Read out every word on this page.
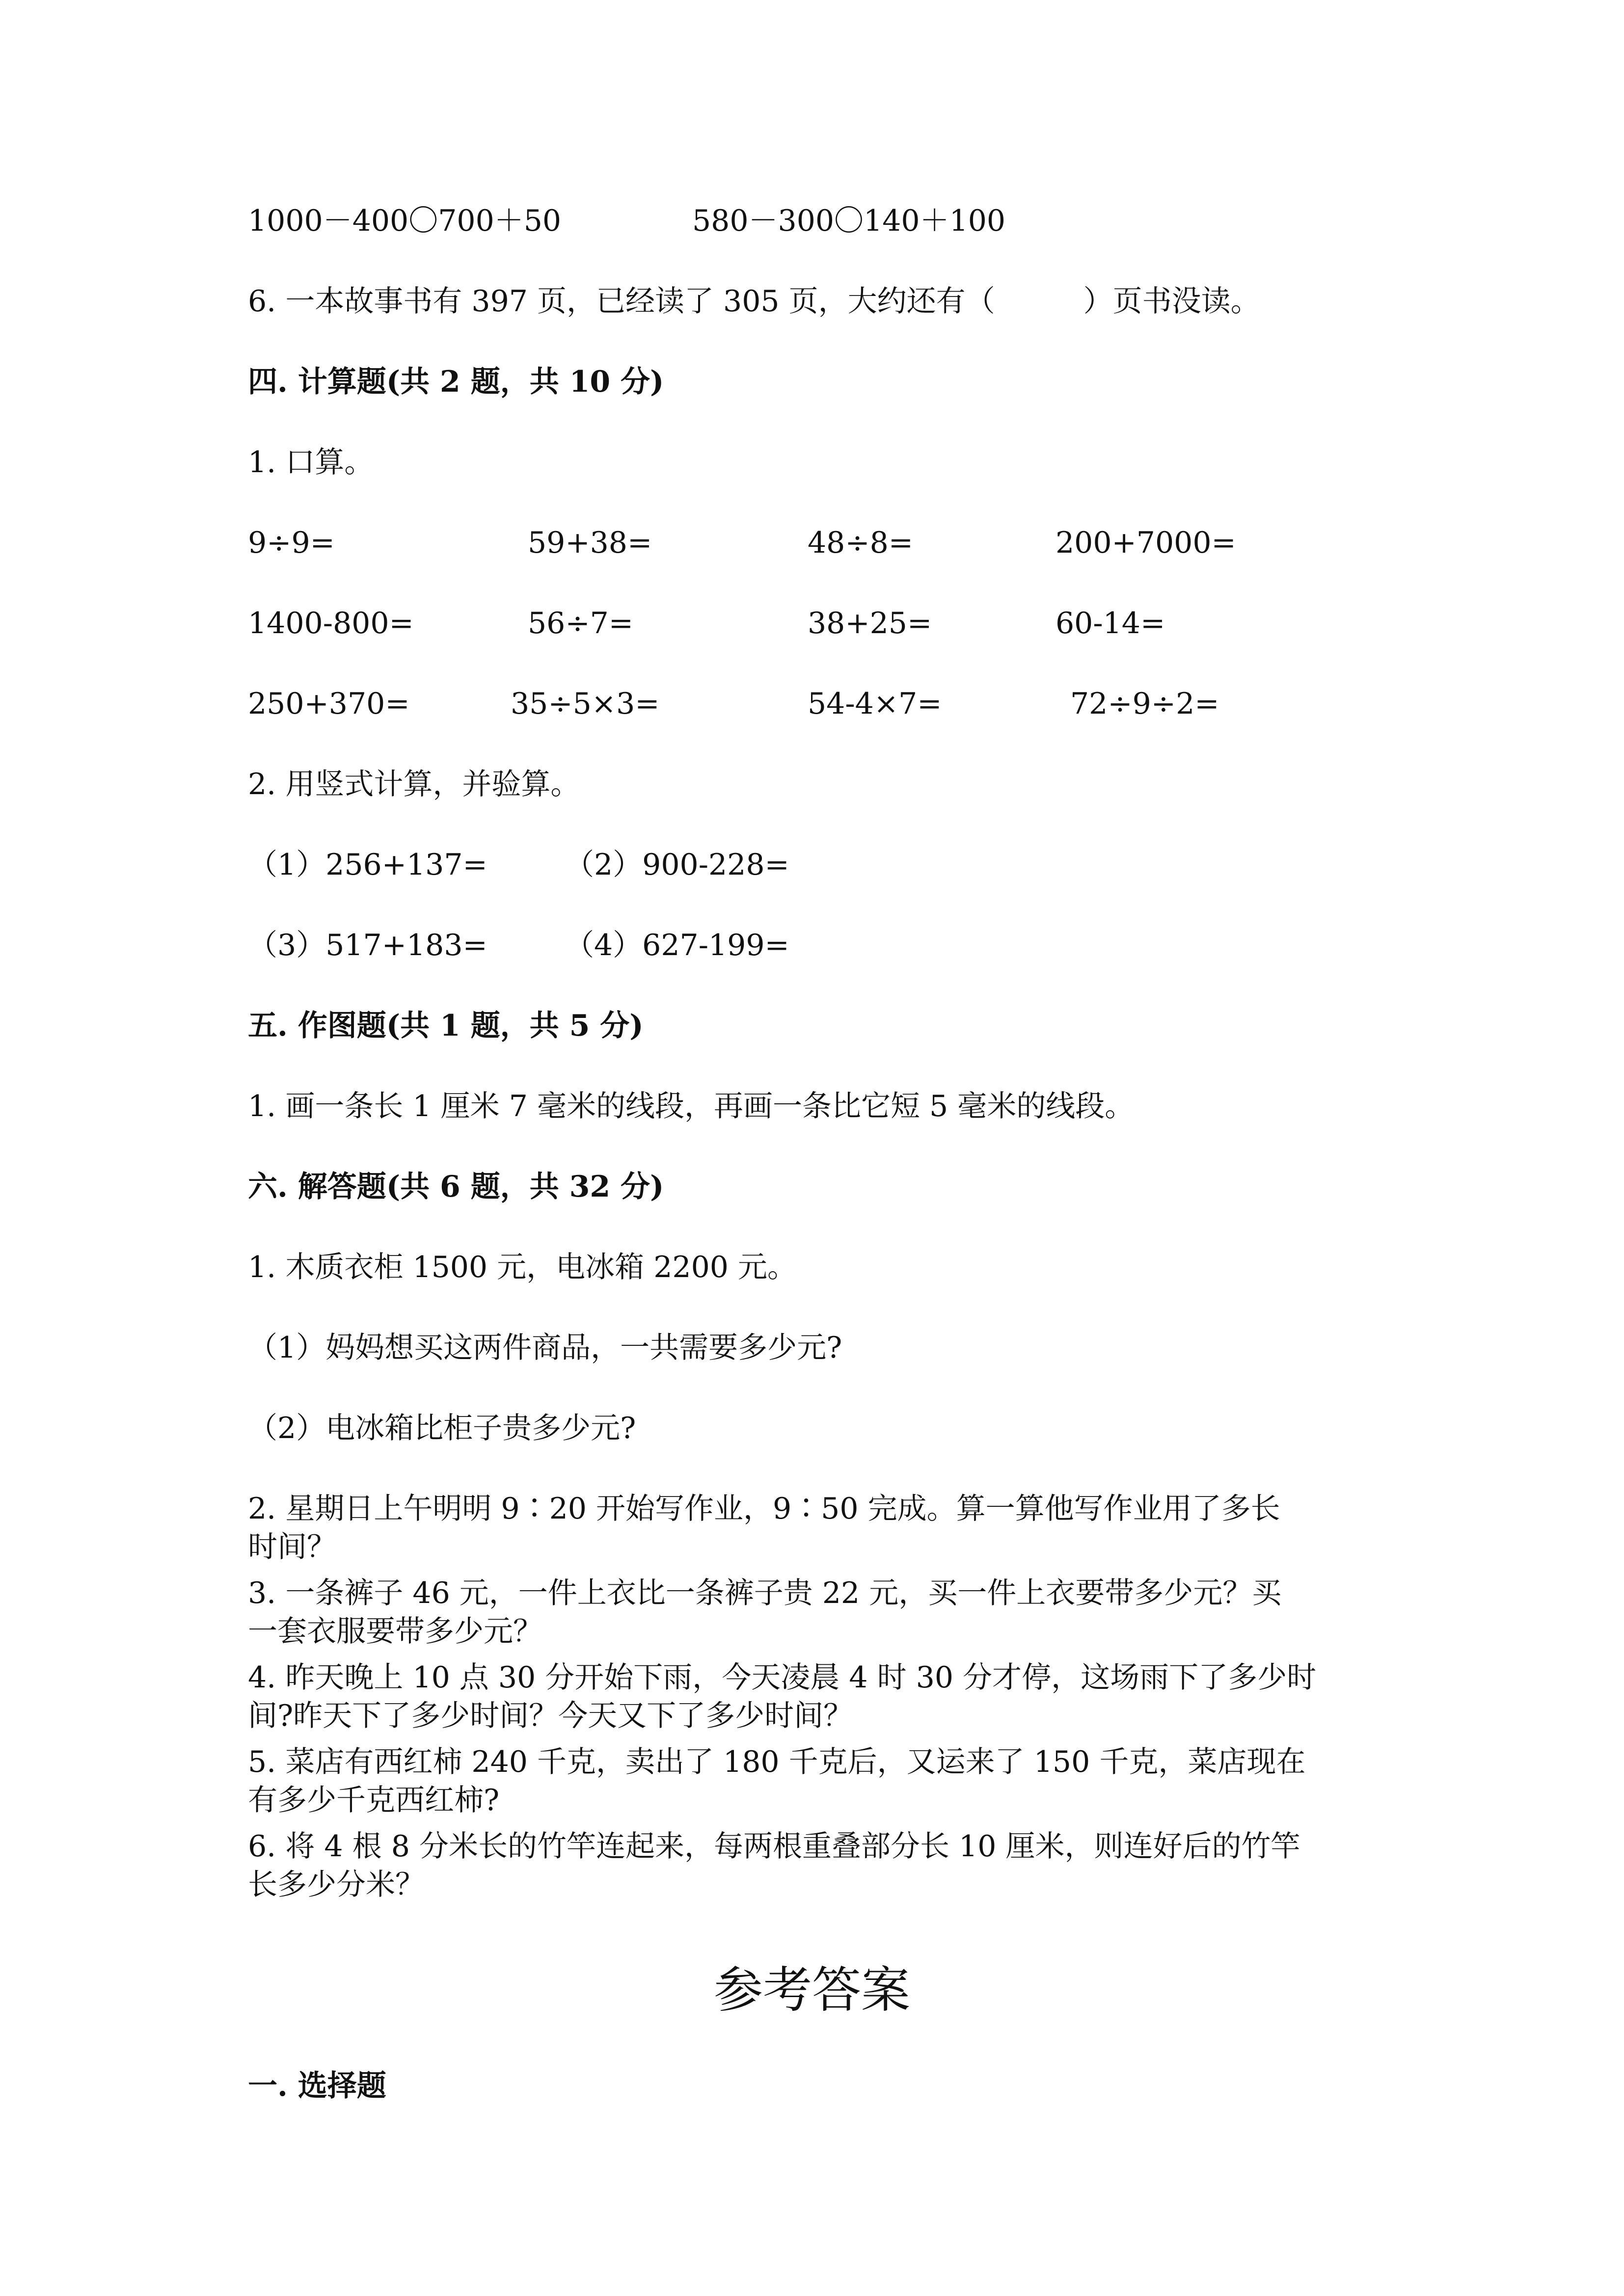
1000－400〇700＋50	580－300〇140＋100
6. 一本故事书有 397 页，已经读了 305 页，大约还有（　　　）页书没读。
四. 计算题(共 2 题，共 10 分)
1. 口算。
9÷9=	59+38=	48÷8=	200+7000=
1400-800=	56÷7=	38+25=	60-14=
250+370=	35÷5×3=	54-4×7=	72÷9÷2=
2. 用竖式计算，并验算。
（1）256+137=	（2）900-228=
（3）517+183=	（4）627-199=
五. 作图题(共 1 题，共 5 分)
1. 画一条长 1 厘米 7 毫米的线段，再画一条比它短 5 毫米的线段。
六. 解答题(共 6 题，共 32 分)
1. 木质衣柜 1500 元，电冰箱 2200 元。
（1）妈妈想买这两件商品，一共需要多少元?
（2）电冰箱比柜子贵多少元?
2. 星期日上午明明 9∶20 开始写作业，9∶50 完成。算一算他写作业用了多长
时间？
3. 一条裤子 46 元，一件上衣比一条裤子贵 22 元，买一件上衣要带多少元？买
一套衣服要带多少元？
4. 昨天晚上 10 点 30 分开始下雨，今天凌晨 4 时 30 分才停，这场雨下了多少时
间?昨天下了多少时间？今天又下了多少时间？
5. 菜店有西红柿 240 千克，卖出了 180 千克后，又运来了 150 千克，菜店现在
有多少千克西红柿?
6. 将 4 根 8 分米长的竹竿连起来，每两根重叠部分长 10 厘米，则连好后的竹竿
长多少分米？
参考答案
一. 选择题
